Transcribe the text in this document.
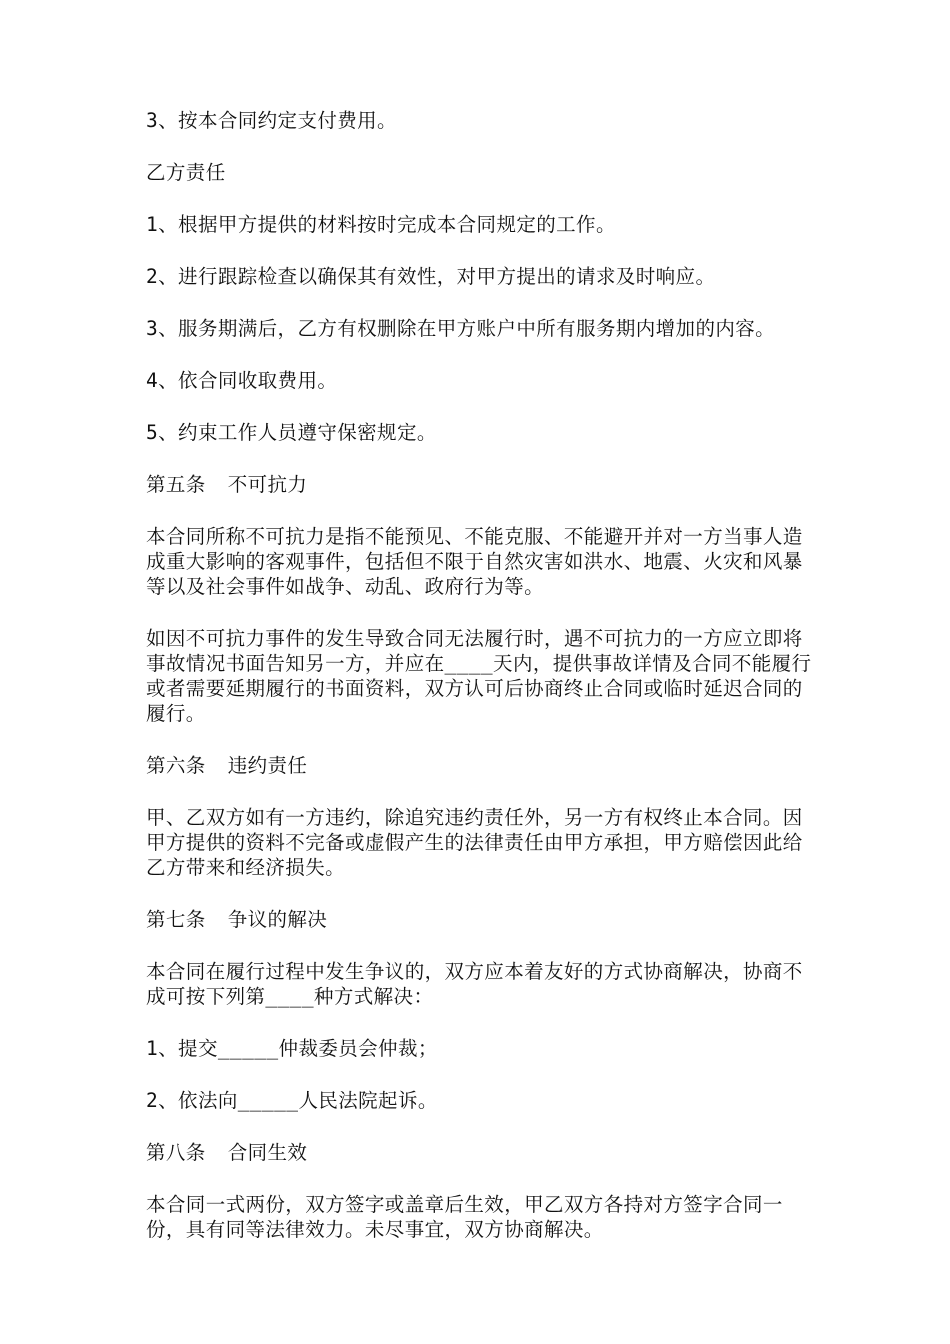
3、按本合同约定支付费用。

乙方责任

1、根据甲方提供的材料按时完成本合同规定的工作。

2、进行跟踪检查以确保其有效性，对甲方提出的请求及时响应。

3、服务期满后，乙方有权删除在甲方账户中所有服务期内增加的内容。

4、依合同收取费用。

5、约束工作人员遵守保密规定。

第五条 不可抗力

本合同所称不可抗力是指不能预见、不能克服、不能避开并对一方当事人造成重大影响的客观事件，包括但不限于自然灾害如洪水、地震、火灾和风暴等以及社会事件如战争、动乱、政府行为等。

如因不可抗力事件的发生导致合同无法履行时，遇不可抗力的一方应立即将事故情况书面告知另一方，并应在____天内，提供事故详情及合同不能履行或者需要延期履行的书面资料，双方认可后协商终止合同或临时延迟合同的履行。

第六条 违约责任

甲、乙双方如有一方违约，除追究违约责任外，另一方有权终止本合同。因甲方提供的资料不完备或虚假产生的法律责任由甲方承担，甲方赔偿因此给乙方带来和经济损失。

第七条 争议的解决

本合同在履行过程中发生争议的，双方应本着友好的方式协商解决，协商不成可按下列第____种方式解决：

1、提交_____仲裁委员会仲裁；

2、依法向_____人民法院起诉。

第八条 合同生效

本合同一式两份，双方签字或盖章后生效，甲乙双方各持对方签字合同一份，具有同等法律效力。未尽事宜，双方协商解决。
